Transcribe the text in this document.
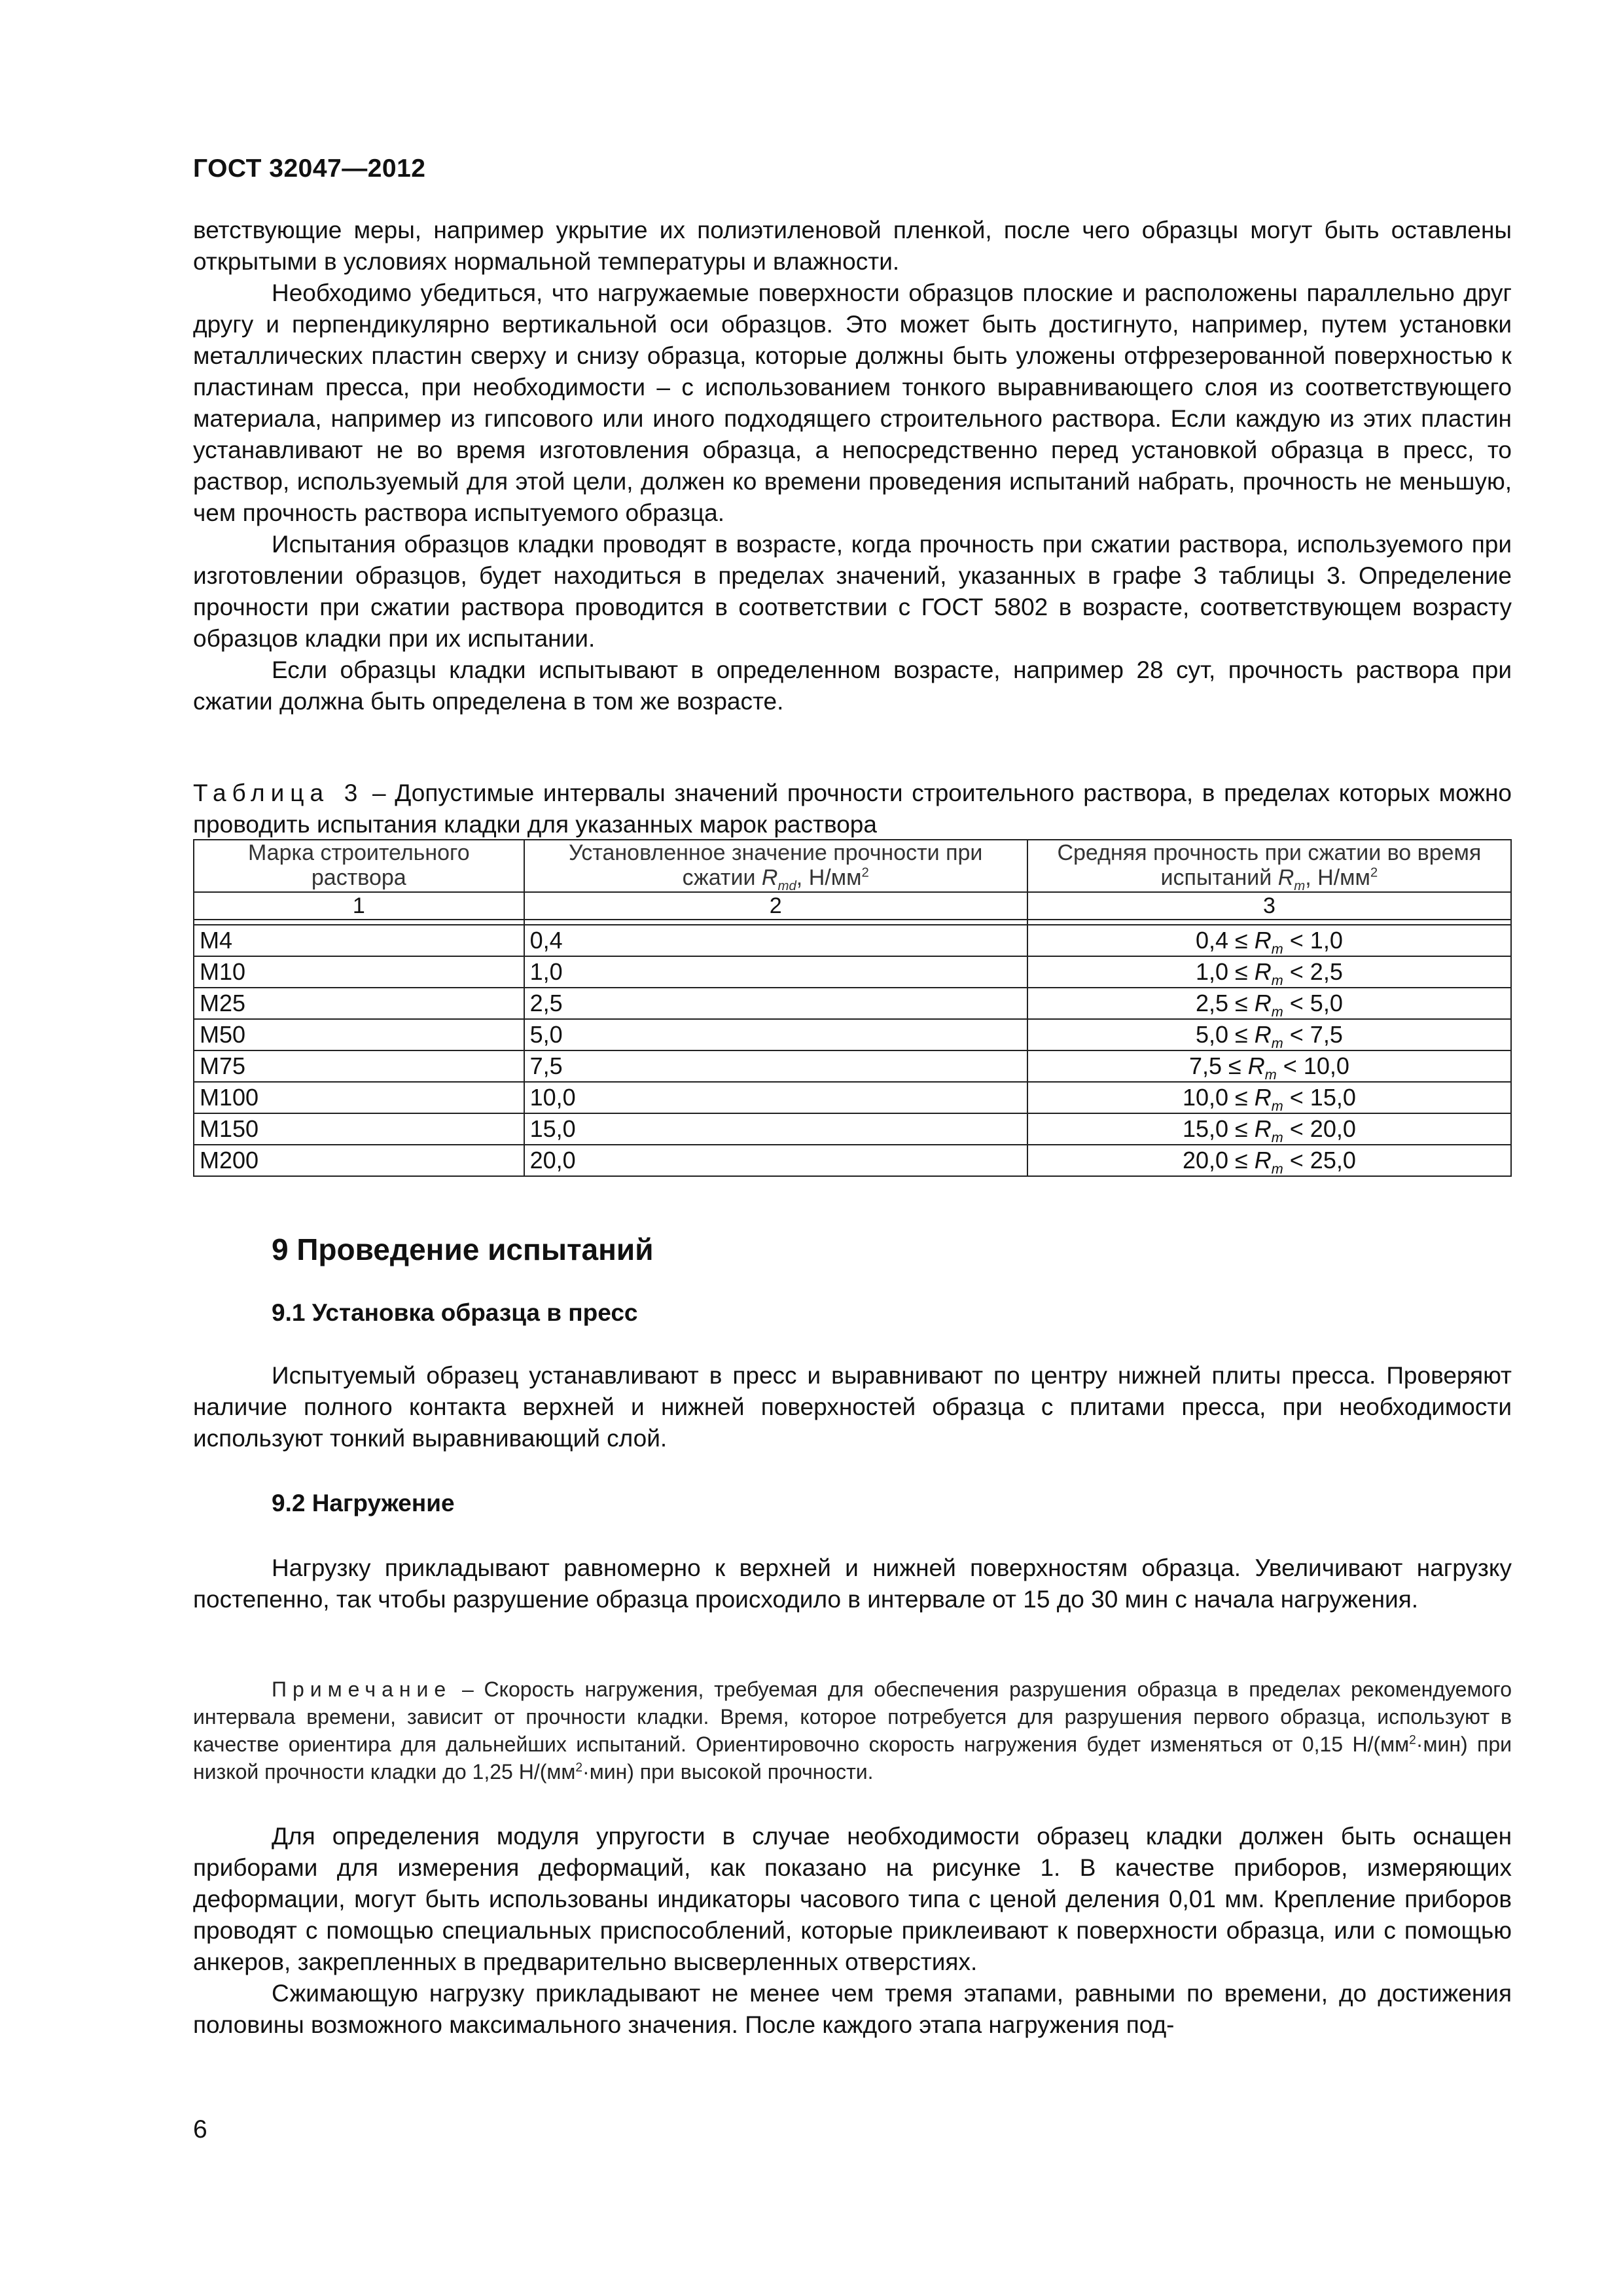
ГОСТ 32047—2012

ветствующие меры, например укрытие их полиэтиленовой пленкой, после чего образцы могут быть оставлены открытыми в условиях нормальной температуры и влажности.

Необходимо убедиться, что нагружаемые поверхности образцов плоские и расположены параллельно друг другу и перпендикулярно вертикальной оси образцов. Это может быть достигнуто, например, путем установки металлических пластин сверху и снизу образца, которые должны быть уложены отфрезерованной поверхностью к пластинам пресса, при необходимости – с использованием тонкого выравнивающего слоя из соответствующего материала, например из гипсового или иного подходящего строительного раствора. Если каждую из этих пластин устанавливают не во время изготовления образца, а непосредственно перед установкой образца в пресс, то раствор, используемый для этой цели, должен ко времени проведения испытаний набрать, прочность не меньшую, чем прочность раствора испытуемого образца.

Испытания образцов кладки проводят в возрасте, когда прочность при сжатии раствора, используемого при изготовлении образцов, будет находиться в пределах значений, указанных в графе 3 таблицы 3. Определение прочности при сжатии раствора проводится в соответствии с ГОСТ 5802 в возрасте, соответствующем возрасту образцов кладки при их испытании.

Если образцы кладки испытывают в определенном возрасте, например 28 сут, прочность раствора при сжатии должна быть определена в том же возрасте.

Таблица 3 – Допустимые интервалы значений прочности строительного раствора, в пределах которых можно проводить испытания кладки для указанных марок раствора
Марка строительного раствора	Установленное значение прочности при сжатии $R_{md}$, $Н/мм^2$	Средняя прочность при сжатии во время испытаний $R_m$, $Н/мм^2$
1	2	3

М4	0,4	$0,4 \le R_m < 1,0$
М10	1,0	$1,0 \le R_m < 2,5$
М25	2,5	$2,5 \le R_m < 5,0$
М50	5,0	$5,0 \le R_m < 7,5$
М75	7,5	$7,5 \le R_m < 10,0$
М100	10,0	$10,0 \le R_m < 15,0$
М150	15,0	$15,0 \le R_m < 20,0$
М200	20,0	$20,0 \le R_m < 25,0$
9 Проведение испытаний
9.1 Установка образца в пресс

Испытуемый образец устанавливают в пресс и выравнивают по центру нижней плиты пресса. Проверяют наличие полного контакта верхней и нижней поверхностей образца с плитами пресса, при необходимости используют тонкий выравнивающий слой.

9.2 Нагружение

Нагрузку прикладывают равномерно к верхней и нижней поверхностям образца. Увеличивают нагрузку постепенно, так чтобы разрушение образца происходило в интервале от 15 до 30 мин с начала нагружения.

Примечание – Скорость нагружения, требуемая для обеспечения разрушения образца в пределах рекомендуемого интервала времени, зависит от прочности кладки. Время, которое потребуется для разрушения первого образца, используют в качестве ориентира для дальнейших испытаний. Ориентировочно скорость нагружения будет изменяться от 0,15 $Н/(мм^2\cdot мин)$ при низкой прочности кладки до 1,25 $Н/(мм^2\cdot мин)$ при высокой прочности.

Для определения модуля упругости в случае необходимости образец кладки должен быть оснащен приборами для измерения деформаций, как показано на рисунке 1. В качестве приборов, измеряющих деформации, могут быть использованы индикаторы часового типа с ценой деления 0,01 мм. Крепление приборов проводят с помощью специальных приспособлений, которые приклеивают к поверхности образца, или с помощью анкеров, закрепленных в предварительно высверленных отверстиях.

Сжимающую нагрузку прикладывают не менее чем тремя этапами, равными по времени, до достижения половины возможного максимального значения. После каждого этапа нагружения под-

6
